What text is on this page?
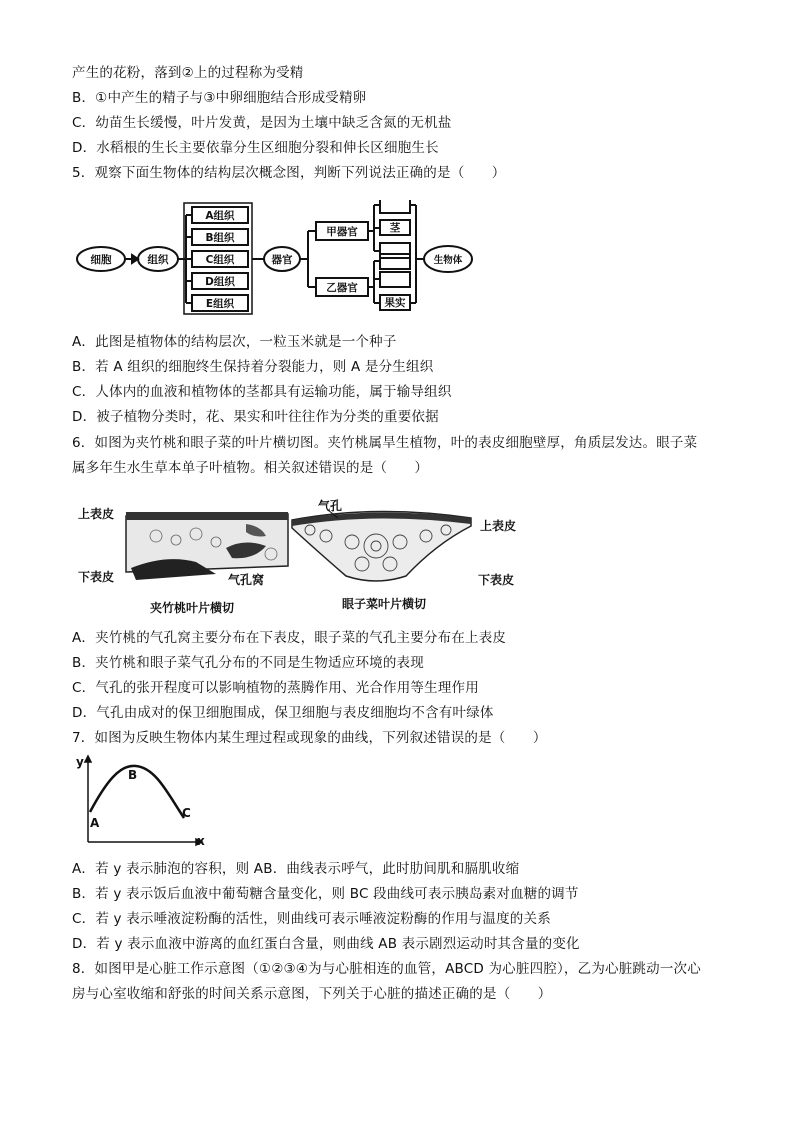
产生的花粉，落到②上的过程称为受精
B．①中产生的精子与③中卵细胞结合形成受精卵
C．幼苗生长缓慢，叶片发黄，是因为土壤中缺乏含氮的无机盐
D．水稻根的生长主要依靠分生区细胞分裂和伸长区细胞生长
5．观察下面生物体的结构层次概念图，判断下列说法正确的是（　　）
细胞	组织
A组织
B组织
C组织
D组织
E组织
器官
甲器官
乙器官
茎
果实
生物体
A．此图是植物体的结构层次，一粒玉米就是一个种子
B．若 A 组织的细胞终生保持着分裂能力，则 A 是分生组织
C．人体内的血液和植物体的茎都具有运输功能，属于输导组织
D．被子植物分类时，花、果实和叶往往作为分类的重要依据
6．如图为夹竹桃和眼子菜的叶片横切图。夹竹桃属旱生植物，叶的表皮细胞壁厚，角质层发达。眼子菜
属多年生水生草本单子叶植物。相关叙述错误的是（　　）
上表皮
下表皮	气孔窝
气孔
上表皮
下表皮
夹竹桃叶片横切	眼子菜叶片横切
A．夹竹桃的气孔窝主要分布在下表皮，眼子菜的气孔主要分布在上表皮
B．夹竹桃和眼子菜气孔分布的不同是生物适应环境的表现
C．气孔的张开程度可以影响植物的蒸腾作用、光合作用等生理作用
D．气孔由成对的保卫细胞围成，保卫细胞与表皮细胞均不含有叶绿体
7．如图为反映生物体内某生理过程或现象的曲线，下列叙述错误的是（　　）
y
x
A
B
C
A．若 y 表示肺泡的容积，则 AB．曲线表示呼气，此时肋间肌和膈肌收缩
B．若 y 表示饭后血液中葡萄糖含量变化，则 BC 段曲线可表示胰岛素对血糖的调节
C．若 y 表示唾液淀粉酶的活性，则曲线可表示唾液淀粉酶的作用与温度的关系
D．若 y 表示血液中游离的血红蛋白含量，则曲线 AB 表示剧烈运动时其含量的变化
8．如图甲是心脏工作示意图（①②③④为与心脏相连的血管，ABCD 为心脏四腔），乙为心脏跳动一次心
房与心室收缩和舒张的时间关系示意图，下列关于心脏的描述正确的是（　　）
